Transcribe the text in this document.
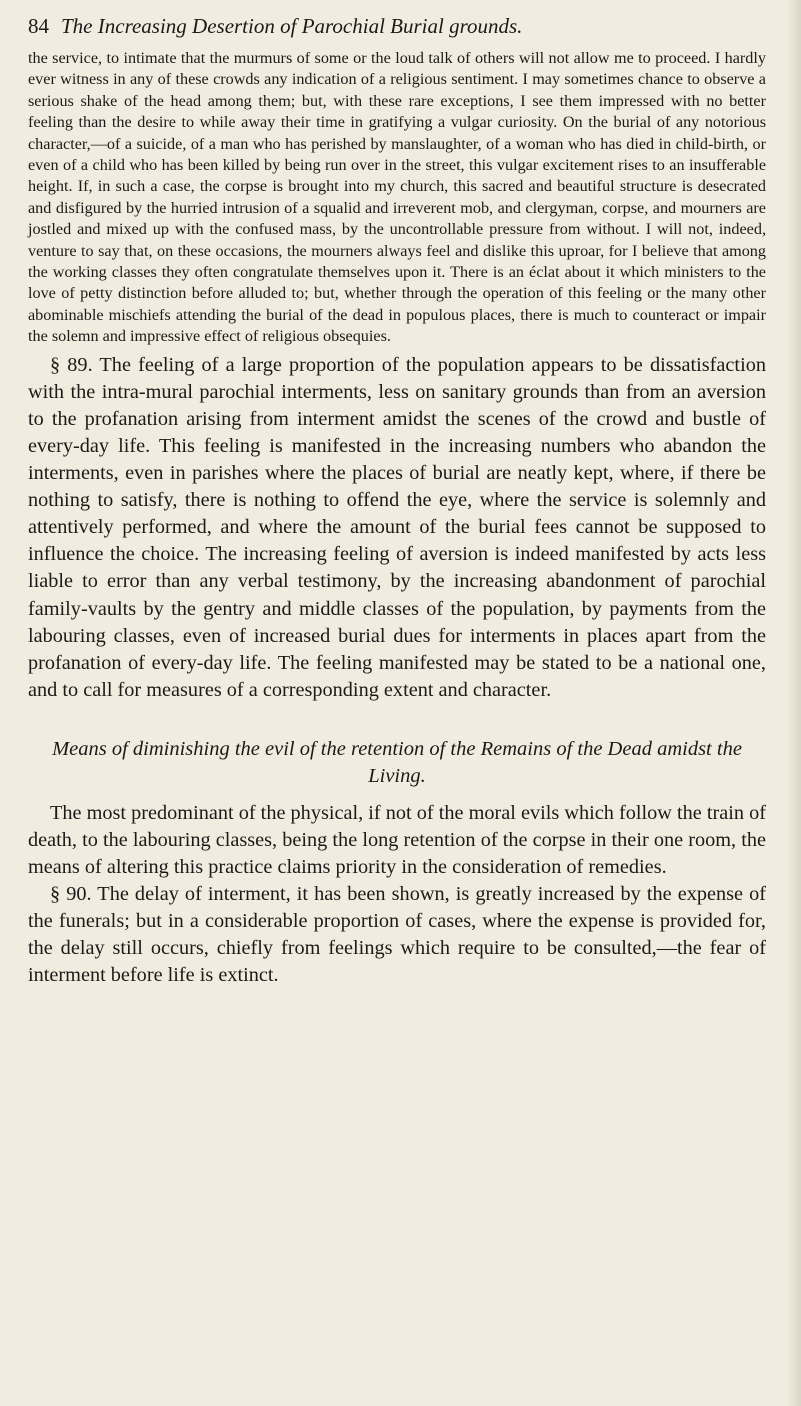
84 The Increasing Desertion of Parochial Burial grounds.

the service, to intimate that the murmurs of some or the loud talk of others will not allow me to proceed. I hardly ever witness in any of these crowds any indication of a religious sentiment. I may sometimes chance to observe a serious shake of the head among them; but, with these rare exceptions, I see them impressed with no better feeling than the desire to while away their time in gratifying a vulgar curiosity. On the burial of any notorious character,—of a suicide, of a man who has perished by manslaughter, of a woman who has died in child-birth, or even of a child who has been killed by being run over in the street, this vulgar excitement rises to an insufferable height. If, in such a case, the corpse is brought into my church, this sacred and beautiful structure is desecrated and disfigured by the hurried intrusion of a squalid and irreverent mob, and clergyman, corpse, and mourners are jostled and mixed up with the confused mass, by the uncontrollable pressure from without. I will not, indeed, venture to say that, on these occasions, the mourners always feel and dislike this uproar, for I believe that among the working classes they often congratulate themselves upon it. There is an éclat about it which ministers to the love of petty distinction before alluded to; but, whether through the operation of this feeling or the many other abominable mischiefs attending the burial of the dead in populous places, there is much to counteract or impair the solemn and impressive effect of religious obsequies.

§ 89. The feeling of a large proportion of the population appears to be dissatisfaction with the intra-mural parochial interments, less on sanitary grounds than from an aversion to the profanation arising from interment amidst the scenes of the crowd and bustle of every-day life. This feeling is manifested in the increasing numbers who abandon the interments, even in parishes where the places of burial are neatly kept, where, if there be nothing to satisfy, there is nothing to offend the eye, where the service is solemnly and attentively performed, and where the amount of the burial fees cannot be supposed to influence the choice. The increasing feeling of aversion is indeed manifested by acts less liable to error than any verbal testimony, by the increasing abandonment of parochial family-vaults by the gentry and middle classes of the population, by payments from the labouring classes, even of increased burial dues for interments in places apart from the profanation of every-day life. The feeling manifested may be stated to be a national one, and to call for measures of a corresponding extent and character.

Means of diminishing the evil of the retention of the Remains of the Dead amidst the Living.

The most predominant of the physical, if not of the moral evils which follow the train of death, to the labouring classes, being the long retention of the corpse in their one room, the means of altering this practice claims priority in the consideration of remedies.

§ 90. The delay of interment, it has been shown, is greatly increased by the expense of the funerals; but in a considerable proportion of cases, where the expense is provided for, the delay still occurs, chiefly from feelings which require to be consulted,—the fear of interment before life is extinct.
